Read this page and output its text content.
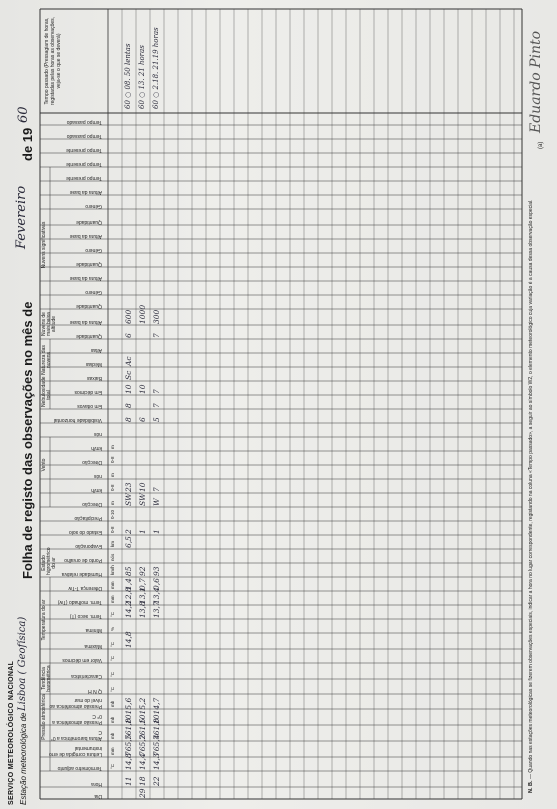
SERVIÇO METEOROLÓGICO NACIONAL Estação meteorológica de
Lisboa ( Geofísica)
Folha de registo das observações no mês de
Fevereiro
de 19
60
Dia
Hora
Termómetro adjunto
Leitura corrigida de erro instrumental
Altura barométrica a 0° C
Pressão atmosférica a 0° C
Pressão atmosférica ao nível do mar
Q N H
Característica
Valor em décimos
Máxima
Mínima
Term. seco (T)
Term. molhado (Tw)
Diferença T-Tw
Humidade relativa
Ponto de orvalho
Evaporação
Estado do solo
Precipitação
Direcção
km/h
nós
Direcção
km/h
nós
Visibilidade horizontal
Em oitavos
Em décimos
Baixas
Médias
Altas
Quantidade
Altura da base
Quantidade
Género
Altura da base
Quantidade
Género
Altura da base
Quantidade
Género
Altura da base
Tempo presente
Tempo presente
Tempo presente
Tempo passado
Tempo passado
Pressão atmosférica
Tendência barométrica
Temperatura do ar
Estado higrométrico do ar
Vento
Nebulosidade total
Natureza das nuvens
Nuvens de mais baixa altitude
Nuvens significativas
Tempo passado (Pressagiam de horas, registadas pelas horas as observações, veja-se o que se deverá)
°C
mm
mb
mb
mb
°C
°C
°C
°C
%
°C
mm
mm
km/h
nós
km
0-8
0-10
m
0-8
m
0-8
m
11
14,8
765,5
761,8
1015,6
14,8
14,2
12,8
1,4
85
6,5
2
SW
23
8
8
10
Sc
Ac
6
600
60 ○ 08. 50 lentas
29
18
14,4
765,2
761,5
1015,2
13,8
13,1
0,7
92
1
SW
10
6
10
1000
60 ○ 13. 21 horas
22
14,3
765,4
761,8
1014,7
13,7
13,4
0,6
93
1
W
7
5
7
7
7
300
60 ○ 2.18. 21.19 horas
N. B.
— Quando nas estações meteorológicas se fizerem observações especiais, indicar a hora no lugar correspondente, registando na coluna «Tempo passado», a seguir ao símbolo W2, o elemento meteorológico cuja variação é a causa dessa observação especial.
(a)
Eduardo Pinto
